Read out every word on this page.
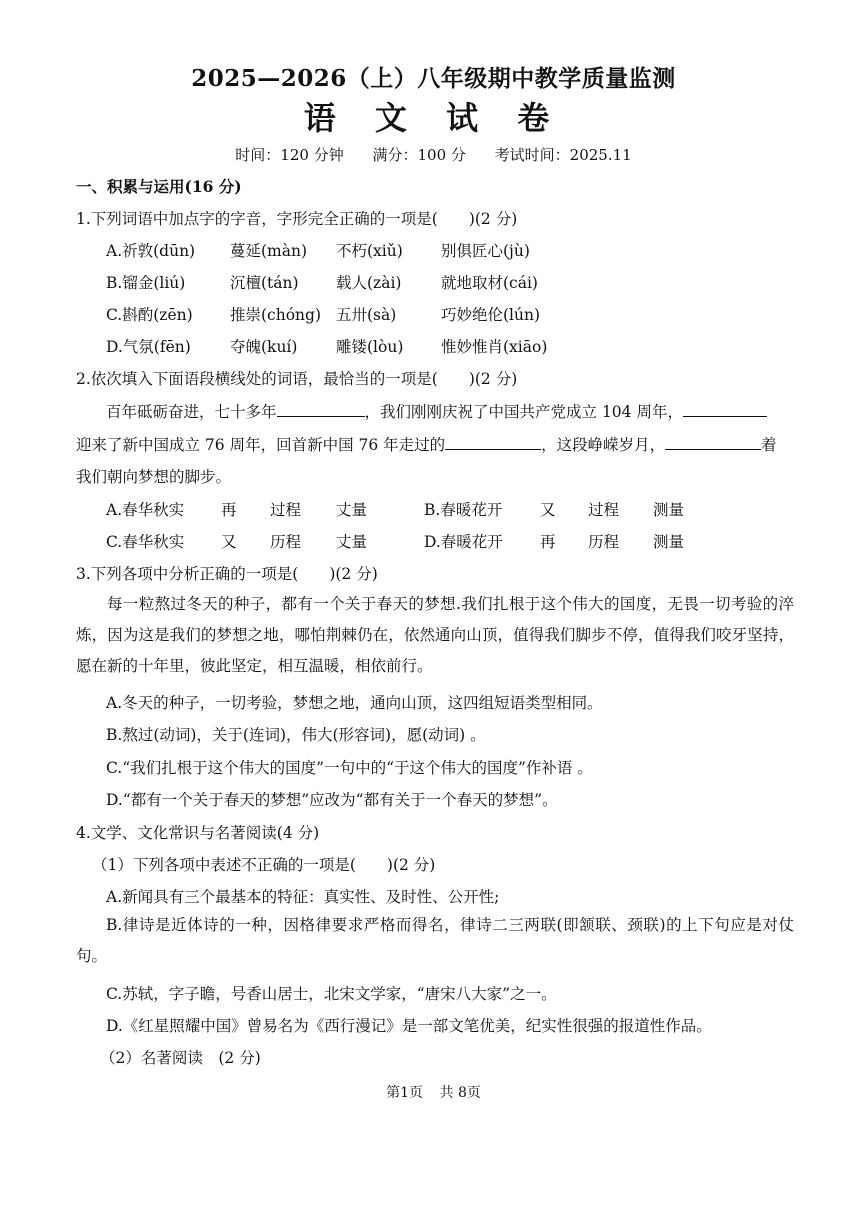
2025—2026（上）八年级期中教学质量监测
语 文 试 卷
时间：120 分钟 满分：100 分 考试时间：2025.11
一、积累与运用(16 分)
1.下列词语中加点字的字音，字形完全正确的一项是(　　)(2 分)
A.祈敦(dūn) 蔓延(màn) 不朽(xiǔ) 别俱匠心(jù)
B.镏金(liú)	沉檀(tán) 载人(zài)	就地取材(cái)
C.斟酌(zēn) 推崇(chóng) 五卅(sà)	巧妙绝伦(lún)
D.气氛(fēn)	夺魄(kuí) 雕镂(lòu) 惟妙惟肖(xiāo)
2.依次填入下面语段横线处的词语，最恰当的一项是(　　)(2 分)
百年砥砺奋进，七十多年	，我们刚刚庆祝了中国共产党成立 104 周年，
迎来了新中国成立 76 周年，回首新中国 76 年走过的	，这段峥嵘岁月，	着
我们朝向梦想的脚步。
A.春华秋实 再 过程 丈量	B.春暖花开 又 过程 测量
C.春华秋实 又 历程 丈量	D.春暖花开 再 历程 测量
3.下列各项中分析正确的一项是(　　)(2 分)
每一粒熬过冬天的种子，都有一个关于春天的梦想.我们扎根于这个伟大的国度，无畏一切考验的淬炼，因为这是我们的梦想之地，哪怕荆棘仍在，依然通向山顶，值得我们脚步不停，值得我们咬牙坚持，愿在新的十年里，彼此坚定，相互温暖，相依前行。
A.冬天的种子，一切考验，梦想之地，通向山顶，这四组短语类型相同。
B.熬过(动词)，关于(连词)，伟大(形容词)，愿(动词) 。
C.“我们扎根于这个伟大的国度”一句中的“于这个伟大的国度”作补语 。
D.“都有一个关于春天的梦想”应改为“都有关于一个春天的梦想”。
4.文学、文化常识与名著阅读(4 分)
（1）下列各项中表述不正确的一项是(　　)(2 分)
A.新闻具有三个最基本的特征：真实性、及时性、公开性;
B.律诗是近体诗的一种，因格律要求严格而得名，律诗二三两联(即颔联、颈联)的上下句应是对仗句。
C.苏轼，字子瞻，号香山居士，北宋文学家，“唐宋八大家”之一。
D.《红星照耀中国》曾易名为《西行漫记》是一部文笔优美，纪实性很强的报道性作品。
（2）名著阅读　(2 分)
第1页 共 8页
